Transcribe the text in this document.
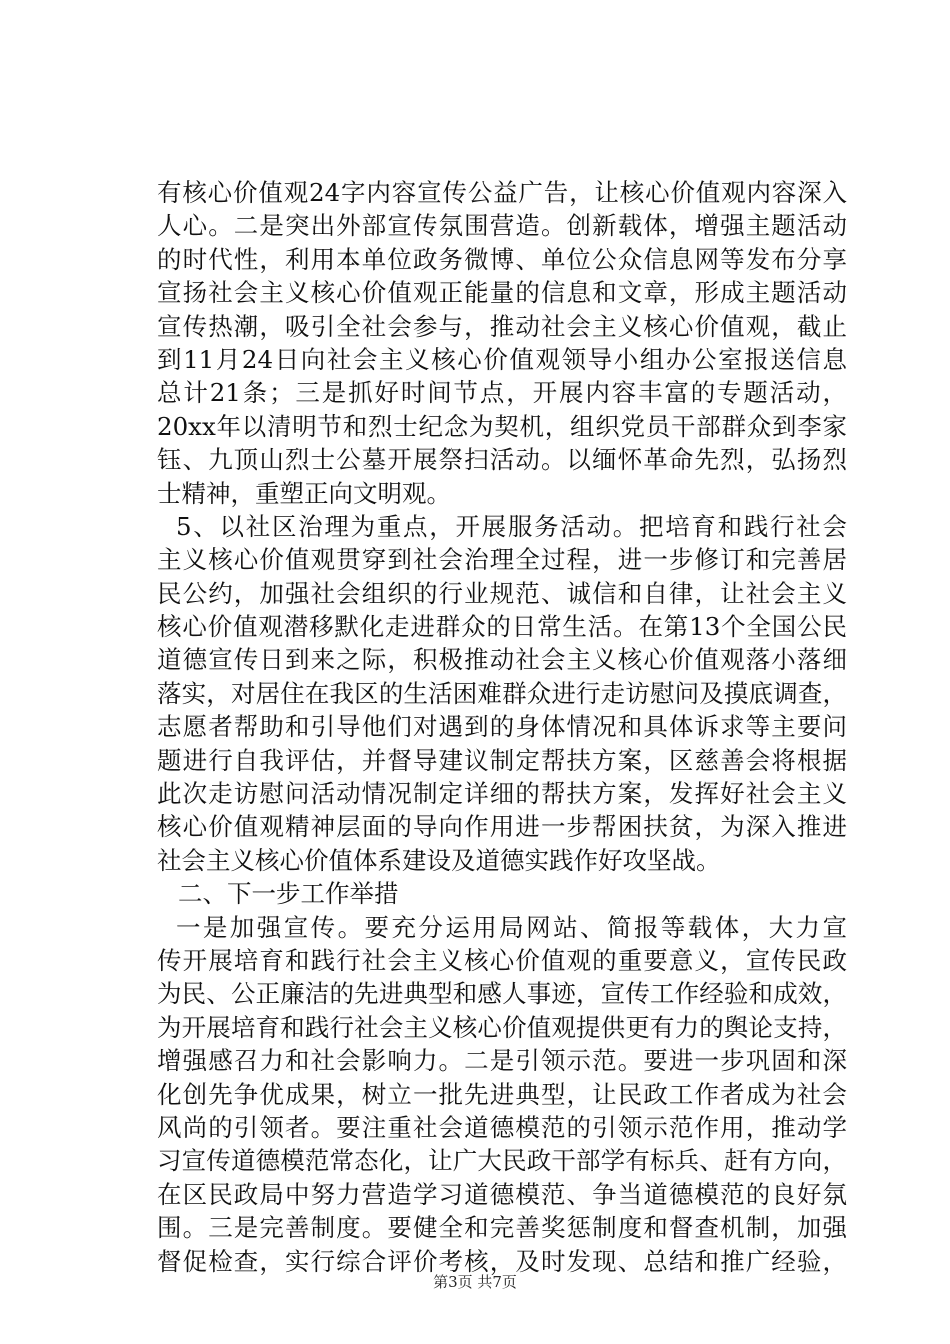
有核心价值观24字内容宣传公益广告，让核心价值观内容深入
人心。二是突出外部宣传氛围营造。创新载体，增强主题活动
的时代性，利用本单位政务微博、单位公众信息网等发布分享
宣扬社会主义核心价值观正能量的信息和文章，形成主题活动
宣传热潮，吸引全社会参与，推动社会主义核心价值观，截止
到11月24日向社会主义核心价值观领导小组办公室报送信息
总计21条；三是抓好时间节点，开展内容丰富的专题活动，
20xx年以清明节和烈士纪念为契机，组织党员干部群众到李家
钰、九顶山烈士公墓开展祭扫活动。以缅怀革命先烈，弘扬烈
士精神，重塑正向文明观。
5、以社区治理为重点，开展服务活动。把培育和践行社会
主义核心价值观贯穿到社会治理全过程，进一步修订和完善居
民公约，加强社会组织的行业规范、诚信和自律，让社会主义
核心价值观潜移默化走进群众的日常生活。在第13个全国公民
道德宣传日到来之际，积极推动社会主义核心价值观落小落细
落实，对居住在我区的生活困难群众进行走访慰问及摸底调查，
志愿者帮助和引导他们对遇到的身体情况和具体诉求等主要问
题进行自我评估，并督导建议制定帮扶方案，区慈善会将根据
此次走访慰问活动情况制定详细的帮扶方案，发挥好社会主义
核心价值观精神层面的导向作用进一步帮困扶贫，为深入推进
社会主义核心价值体系建设及道德实践作好攻坚战。
二、下一步工作举措
一是加强宣传。要充分运用局网站、简报等载体，大力宣
传开展培育和践行社会主义核心价值观的重要意义，宣传民政
为民、公正廉洁的先进典型和感人事迹，宣传工作经验和成效，
为开展培育和践行社会主义核心价值观提供更有力的舆论支持，
增强感召力和社会影响力。二是引领示范。要进一步巩固和深
化创先争优成果，树立一批先进典型，让民政工作者成为社会
风尚的引领者。要注重社会道德模范的引领示范作用，推动学
习宣传道德模范常态化，让广大民政干部学有标兵、赶有方向，
在区民政局中努力营造学习道德模范、争当道德模范的良好氛
围。三是完善制度。要健全和完善奖惩制度和督查机制，加强
督促检查，实行综合评价考核，及时发现、总结和推广经验，
第3页 共7页
